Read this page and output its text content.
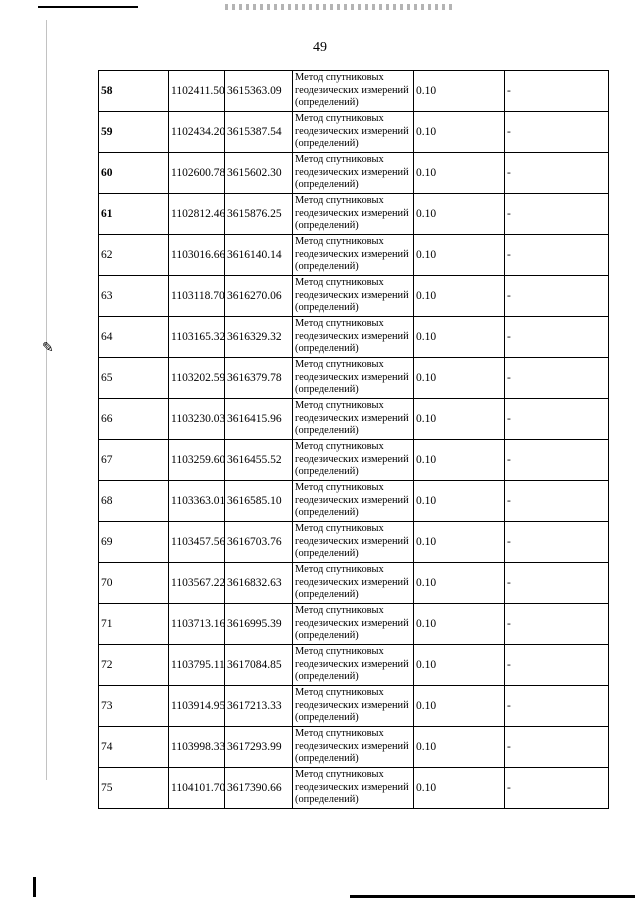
✎
49
58	1102411.50	3615363.09	Метод спутниковых геодезических измерений (определений)	0.10	-
59	1102434.20	3615387.54	Метод спутниковых геодезических измерений (определений)	0.10	-
60	1102600.78	3615602.30	Метод спутниковых геодезических измерений (определений)	0.10	-
61	1102812.46	3615876.25	Метод спутниковых геодезических измерений (определений)	0.10	-
62	1103016.66	3616140.14	Метод спутниковых геодезических измерений (определений)	0.10	-
63	1103118.70	3616270.06	Метод спутниковых геодезических измерений (определений)	0.10	-
64	1103165.32	3616329.32	Метод спутниковых геодезических измерений (определений)	0.10	-
65	1103202.59	3616379.78	Метод спутниковых геодезических измерений (определений)	0.10	-
66	1103230.03	3616415.96	Метод спутниковых геодезических измерений (определений)	0.10	-
67	1103259.60	3616455.52	Метод спутниковых геодезических измерений (определений)	0.10	-
68	1103363.01	3616585.10	Метод спутниковых геодезических измерений (определений)	0.10	-
69	1103457.56	3616703.76	Метод спутниковых геодезических измерений (определений)	0.10	-
70	1103567.22	3616832.63	Метод спутниковых геодезических измерений (определений)	0.10	-
71	1103713.16	3616995.39	Метод спутниковых геодезических измерений (определений)	0.10	-
72	1103795.11	3617084.85	Метод спутниковых геодезических измерений (определений)	0.10	-
73	1103914.95	3617213.33	Метод спутниковых геодезических измерений (определений)	0.10	-
74	1103998.33	3617293.99	Метод спутниковых геодезических измерений (определений)	0.10	-
75	1104101.70	3617390.66	Метод спутниковых геодезических измерений (определений)	0.10	-
